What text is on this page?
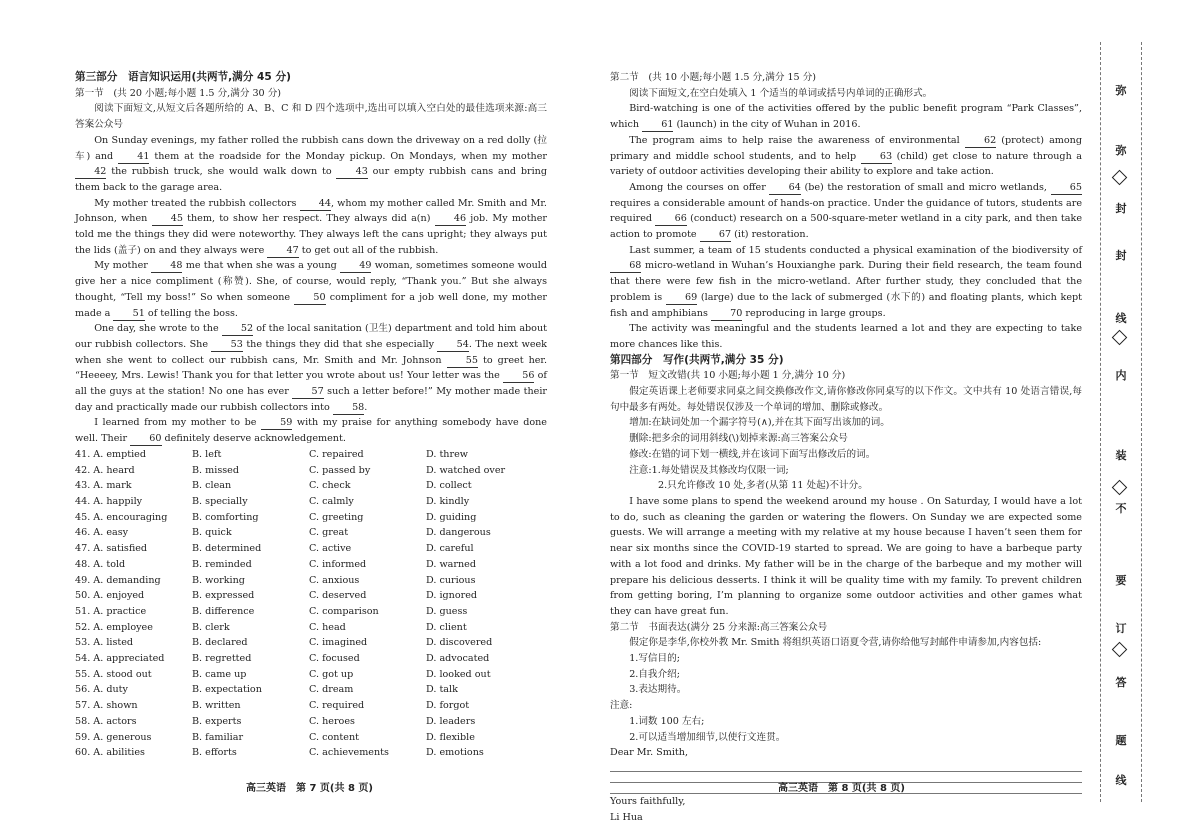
第三部分　语言知识运用(共两节,满分 45 分)

第一节　(共 20 小题;每小题 1.5 分,满分 30 分)

阅读下面短文,从短文后各题所给的 A、B、C 和 D 四个选项中,选出可以填入空白处的最佳选项来源:高三答案公众号

On Sunday evenings, my father rolled the rubbish cans down the driveway on a red dolly (拉车) and 41 them at the roadside for the Monday pickup. On Mondays, when my mother 42 the rubbish truck, she would walk down to 43 our empty rubbish cans and bring them back to the garage area.

My mother treated the rubbish collectors 44, whom my mother called Mr. Smith and Mr. Johnson, when 45 them, to show her respect. They always did a(n) 46 job. My mother told me the things they did were noteworthy. They always left the cans upright; they always put the lids (盖子) on and they always were 47 to get out all of the rubbish.

My mother 48 me that when she was a young 49 woman, sometimes someone would give her a nice compliment (称赞). She, of course, would reply, “Thank you.” But she always thought, “Tell my boss!” So when someone 50 compliment for a job well done, my mother made a 51 of telling the boss.

One day, she wrote to the 52 of the local sanitation (卫生) department and told him about our rubbish collectors. She 53 the things they did that she especially 54. The next week when she went to collect our rubbish cans, Mr. Smith and Mr. Johnson 55 to greet her. “Heeeey, Mrs. Lewis! Thank you for that letter you wrote about us! Your letter was the 56 of all the guys at the station! No one has ever 57 such a letter before!” My mother made their day and practically made our rubbish collectors into 58.

I learned from my mother to be 59 with my praise for anything somebody have done well. Their 60 definitely deserve acknowledgement.

41. A. emptied	B. left	C. repaired	D. threw
42. A. heard	B. missed	C. passed by	D. watched over
43. A. mark	B. clean	C. check	D. collect
44. A. happily	B. specially	C. calmly	D. kindly
45. A. encouraging	B. comforting	C. greeting	D. guiding
46. A. easy	B. quick	C. great	D. dangerous
47. A. satisfied	B. determined	C. active	D. careful
48. A. told	B. reminded	C. informed	D. warned
49. A. demanding	B. working	C. anxious	D. curious
50. A. enjoyed	B. expressed	C. deserved	D. ignored
51. A. practice	B. difference	C. comparison	D. guess
52. A. employee	B. clerk	C. head	D. client
53. A. listed	B. declared	C. imagined	D. discovered
54. A. appreciated	B. regretted	C. focused	D. advocated
55. A. stood out	B. came up	C. got up	D. looked out
56. A. duty	B. expectation	C. dream	D. talk
57. A. shown	B. written	C. required	D. forgot
58. A. actors	B. experts	C. heroes	D. leaders
59. A. generous	B. familiar	C. content	D. flexible
60. A. abilities	B. efforts	C. achievements	D. emotions
高三英语　第 7 页(共 8 页)

第二节　(共 10 小题;每小题 1.5 分,满分 15 分)

阅读下面短文,在空白处填入 1 个适当的单词或括号内单词的正确形式。

Bird-watching is one of the activities offered by the public benefit program “Park Classes”, which 61 (launch) in the city of Wuhan in 2016.

The program aims to help raise the awareness of environmental 62 (protect) among primary and middle school students, and to help 63 (child) get close to nature through a variety of outdoor activities developing their ability to explore and take action.

Among the courses on offer 64 (be) the restoration of small and micro wetlands, 65 requires a considerable amount of hands-on practice. Under the guidance of tutors, students are required 66 (conduct) research on a 500-square-meter wetland in a city park, and then take action to promote 67 (it) restoration.

Last summer, a team of 15 students conducted a physical examination of the biodiversity of 68 micro-wetland in Wuhan’s Houxianghe park. During their field research, the team found that there were few fish in the micro-wetland. After further study, they concluded that the problem is 69 (large) due to the lack of submerged (水下的) and floating plants, which kept fish and amphibians 70 reproducing in large groups.

The activity was meaningful and the students learned a lot and they are expecting to take more chances like this.

第四部分　写作(共两节,满分 35 分)

第一节　短文改错(共 10 小题;每小题 1 分,满分 10 分)

假定英语课上老师要求同桌之间交换修改作文,请你修改你同桌写的以下作文。文中共有 10 处语言错误,每句中最多有两处。每处错误仅涉及一个单词的增加、删除或修改。

增加:在缺词处加一个漏字符号(∧),并在其下面写出该加的词。

删除:把多余的词用斜线(\)划掉来源:高三答案公众号

修改:在错的词下划一横线,并在该词下面写出修改后的词。

注意:1.每处错误及其修改均仅限一词;

2.只允许修改 10 处,多者(从第 11 处起)不计分。

I have some plans to spend the weekend around my house . On Saturday, I would have a lot to do, such as cleaning the garden or watering the flowers. On Sunday we are expected some guests. We will arrange a meeting with my relative at my house because I haven’t seen them for near six months since the COVID-19 started to spread. We are going to have a barbeque party with a lot food and drinks. My father will be in the charge of the barbeque and my mother will prepare his delicious desserts. I think it will be quality time with my family. To prevent children from getting boring, I’m planning to organize some outdoor activities and other games what they can have great fun.

第二节　书面表达(满分 25 分来源:高三答案公众号

假定你是李华,你校外教 Mr. Smith 将组织英语口语夏令营,请你给他写封邮件申请参加,内容包括:

1.写信目的;

2.自我介绍;

3.表达期待。

注意:

1.词数 100 左右;

2.可以适当增加细节,以使行文连贯。

Dear Mr. Smith,

Yours faithfully,

Li Hua

高三英语　第 8 页(共 8 页)
弥
弥
封
封
线
内
装
不
要
订
答
题
线
